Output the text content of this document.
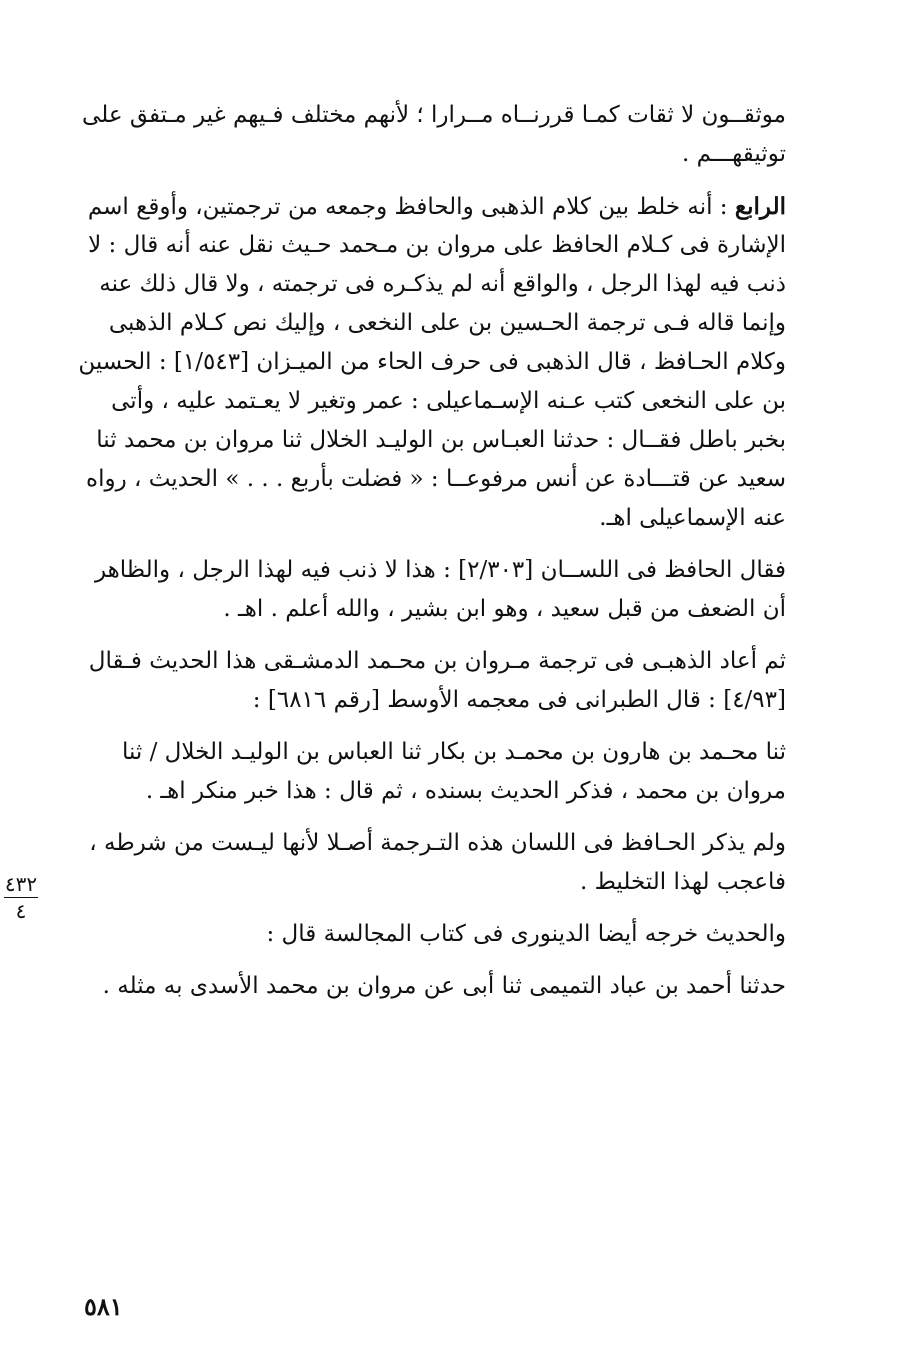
موثقــون لا ثقات كمـا قررنــاه مــرارا ؛ لأنهم مختلف فـيهم غير مـتفق على
توثيقهـــم .
الرابع : أنه خلط بين كلام الذهبى والحافظ وجمعه من ترجمتين، وأوقع اسم
الإشارة فى كـلام الحافظ على مروان بن مـحمد حـيث نقل عنه أنه قال : لا
ذنب فيه لهذا الرجل ، والواقع أنه لم يذكـره فى ترجمته ، ولا قال ذلك عنه
وإنما قاله فـى ترجمة الحـسين بن على النخعى ، وإليك نص كـلام الذهبى
وكلام الحـافظ ، قال الذهبى فى حرف الحاء من الميـزان [١/٥٤٣] : الحسين
بن على النخعى كتب عـنه الإسـماعيلى : عمر وتغير لا يعـتمد عليه ، وأتى
بخبر باطل فقــال : حدثنا العبـاس بن الوليـد الخلال ثنا مروان بن محمد ثنا
سعيد عن قتـــادة عن أنس مرفوعــا : « فضلت بأربع . . . » الحديث ، رواه
عنه الإسماعيلى اهـ.
فقال الحافظ فى اللســان [٢/٣٠٣] : هذا لا ذنب فيه لهذا الرجل ، والظاهر
أن الضعف من قبل سعيد ، وهو ابن بشير ، والله أعلم . اهـ .
ثم أعاد الذهبـى فى ترجمة مـروان بن محـمد الدمشـقى هذا الحديث فـقال
[٤/٩٣] : قال الطبرانى فى معجمه الأوسط [رقم ٦٨١٦] :
ثنا محـمد بن هارون بن محمـد بن بكار ثنا العباس بن الوليـد الخلال / ثنا
مروان بن محمد ، فذكر الحديث بسنده ، ثم قال : هذا خبر منكر اهـ .
ولم يذكر الحـافظ فى اللسان هذه التـرجمة أصـلا لأنها ليـست من شرطه ،
فاعجب لهذا التخليط .
والحديث خرجه أيضا الدينورى فى كتاب المجالسة قال :
حدثنا أحمد بن عباد التميمى ثنا أبى عن مروان بن محمد الأسدى به مثله .
٤٣٢
٤
٥٨١
